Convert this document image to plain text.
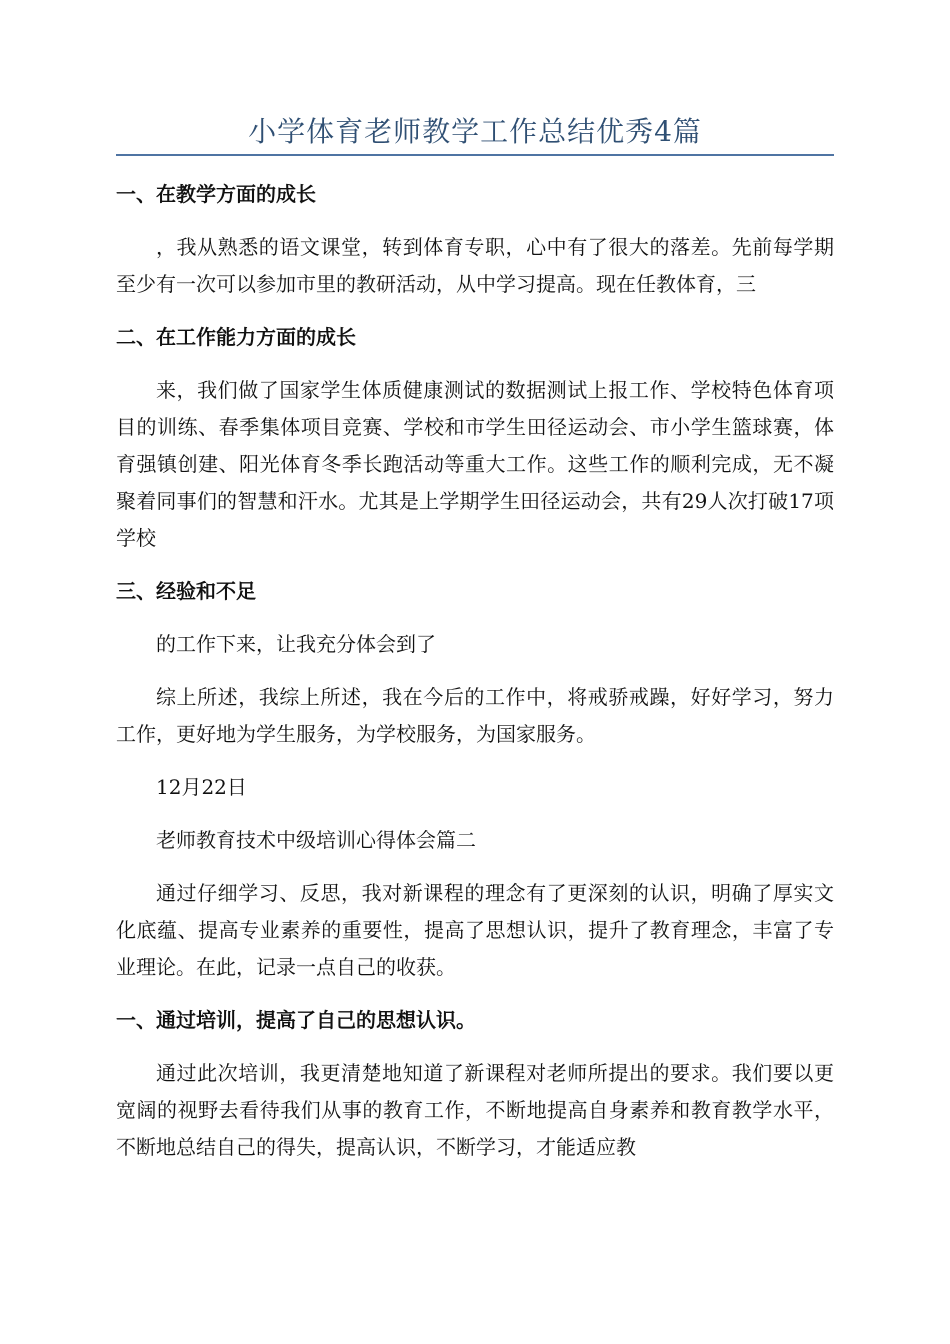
小学体育老师教学工作总结优秀4篇
一、在教学方面的成长
，我从熟悉的语文课堂，转到体育专职，心中有了很大的落差。先前每学期至少有一次可以参加市里的教研活动，从中学习提高。现在任教体育，三
二、在工作能力方面的成长
来，我们做了国家学生体质健康测试的数据测试上报工作、学校特色体育项目的训练、春季集体项目竞赛、学校和市学生田径运动会、市小学生篮球赛，体育强镇创建、阳光体育冬季长跑活动等重大工作。这些工作的顺利完成，无不凝聚着同事们的智慧和汗水。尤其是上学期学生田径运动会，共有29人次打破17项学校
三、经验和不足
的工作下来，让我充分体会到了
综上所述，我综上所述，我在今后的工作中，将戒骄戒躁，好好学习，努力工作，更好地为学生服务，为学校服务，为国家服务。
12月22日
老师教育技术中级培训心得体会篇二
通过仔细学习、反思，我对新课程的理念有了更深刻的认识，明确了厚实文化底蕴、提高专业素养的重要性，提高了思想认识，提升了教育理念，丰富了专业理论。在此，记录一点自己的收获。
一、通过培训，提高了自己的思想认识。
通过此次培训，我更清楚地知道了新课程对老师所提出的要求。我们要以更宽阔的视野去看待我们从事的教育工作，不断地提高自身素养和教育教学水平，不断地总结自己的得失，提高认识，不断学习，才能适应教
